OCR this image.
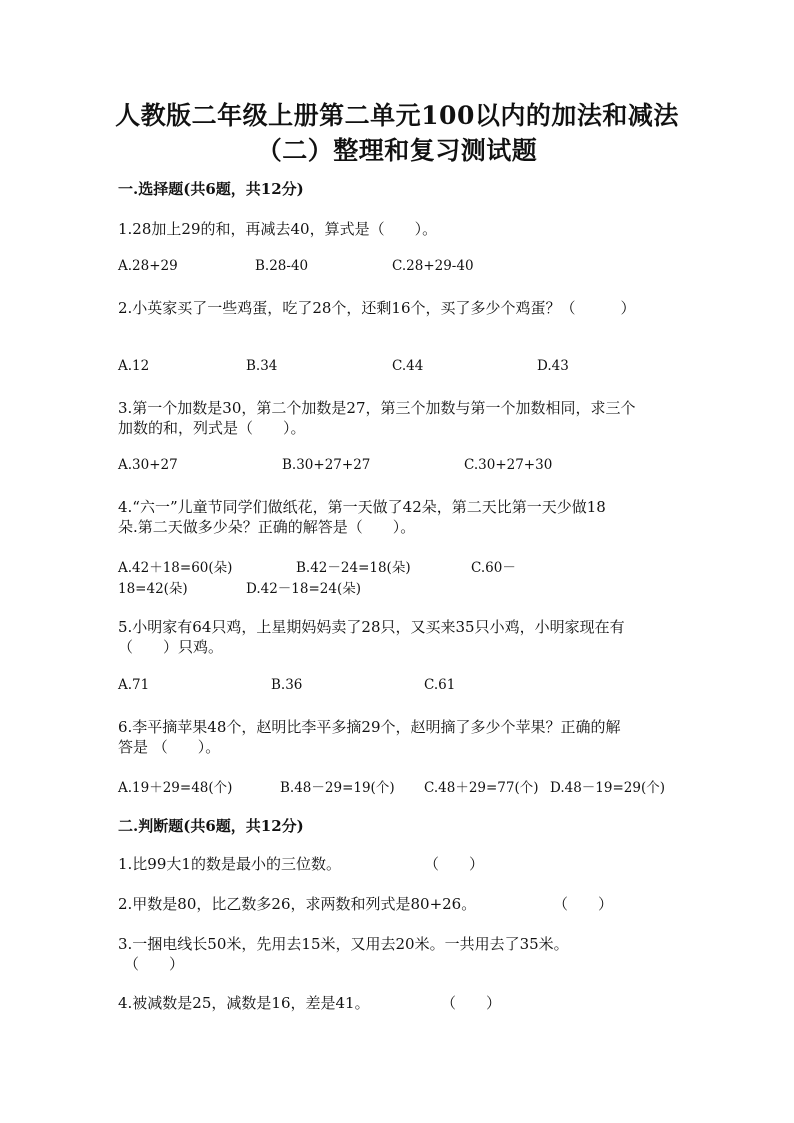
人教版二年级上册第二单元100以内的加法和减法
（二）整理和复习测试题
一.选择题(共6题，共12分)
1.28加上29的和，再减去40，算式是（　　）。
A.28+29	B.28-40	C.28+29-40
2.小英家买了一些鸡蛋，吃了28个，还剩16个，买了多少个鸡蛋？（　　　）
A.12	B.34	C.44	D.43
3.第一个加数是30，第二个加数是27，第三个加数与第一个加数相同，求三个
加数的和，列式是（　　）。
A.30+27	B.30+27+27	C.30+27+30
4.“六一”儿童节同学们做纸花，第一天做了42朵，第二天比第一天少做18
朵.第二天做多少朵？正确的解答是（　　）。
A.42＋18=60(朵)	B.42－24=18(朵)	C.60－
18=42(朵)	D.42－18=24(朵)
5.小明家有64只鸡，上星期妈妈卖了28只，又买来35只小鸡，小明家现在有
（　　）只鸡。
A.71	B.36	C.61
6.李平摘苹果48个，赵明比李平多摘29个，赵明摘了多少个苹果？正确的解
答是 （　　）。
A.19＋29=48(个)	B.48－29=19(个) C.48＋29=77(个) D.48－19=29(个)
二.判断题(共6题，共12分)
1.比99大1的数是最小的三位数。	（　　）
2.甲数是80，比乙数多26，求两数和列式是80+26。	（　　）
3.一捆电线长50米，先用去15米，又用去20米。一共用去了35米。
（　　）
4.被减数是25，减数是16，差是41。	（　　）
